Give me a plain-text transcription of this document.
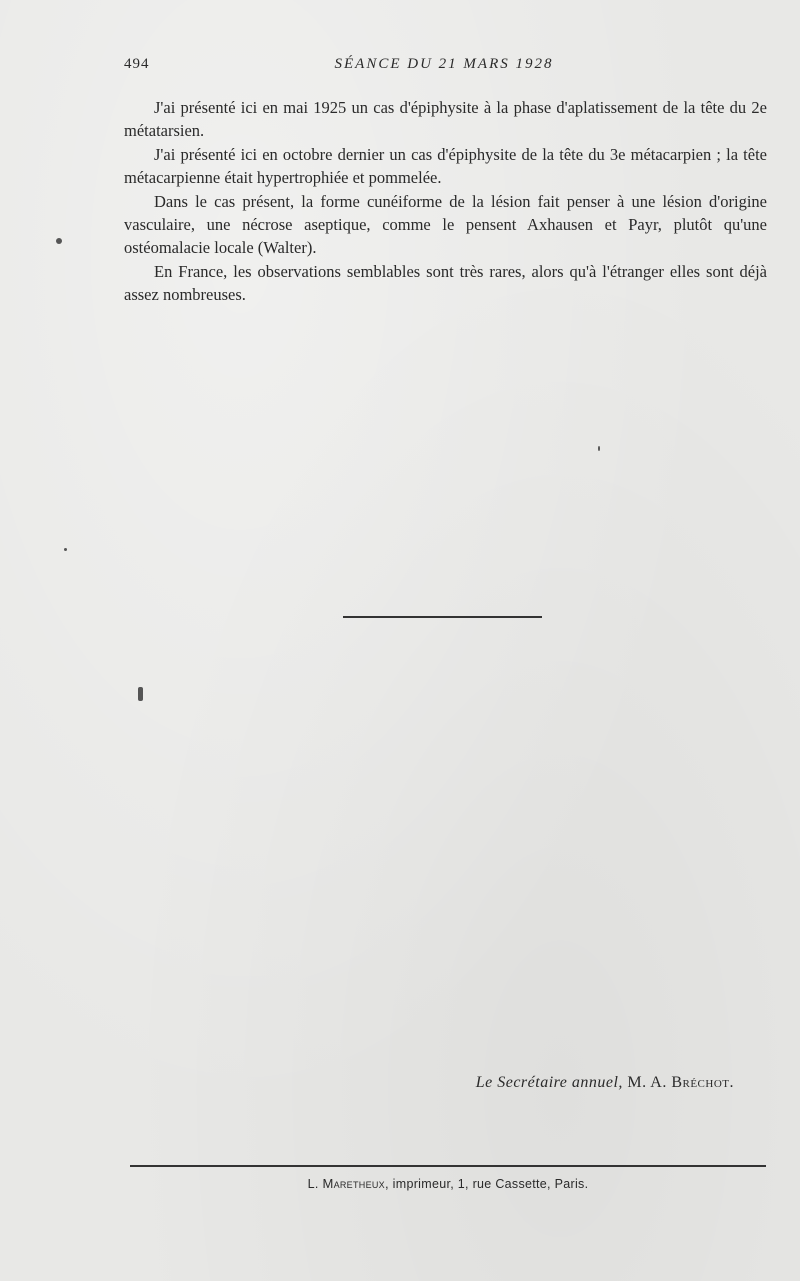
494	SÉANCE DU 21 MARS 1928

J'ai présenté ici en mai 1925 un cas d'épiphysite à la phase d'aplatissement de la tête du 2e métatarsien.

J'ai présenté ici en octobre dernier un cas d'épiphysite de la tête du 3e métacarpien ; la tête métacarpienne était hypertrophiée et pommelée.

Dans le cas présent, la forme cunéiforme de la lésion fait penser à une lésion d'origine vasculaire, une nécrose aseptique, comme le pensent Axhausen et Payr, plutôt qu'une ostéomalacie locale (Walter).

En France, les observations semblables sont très rares, alors qu'à l'étranger elles sont déjà assez nombreuses.

Le Secrétaire annuel, M. A. Bréchot.
L. Maretheux, imprimeur, 1, rue Cassette, Paris.
